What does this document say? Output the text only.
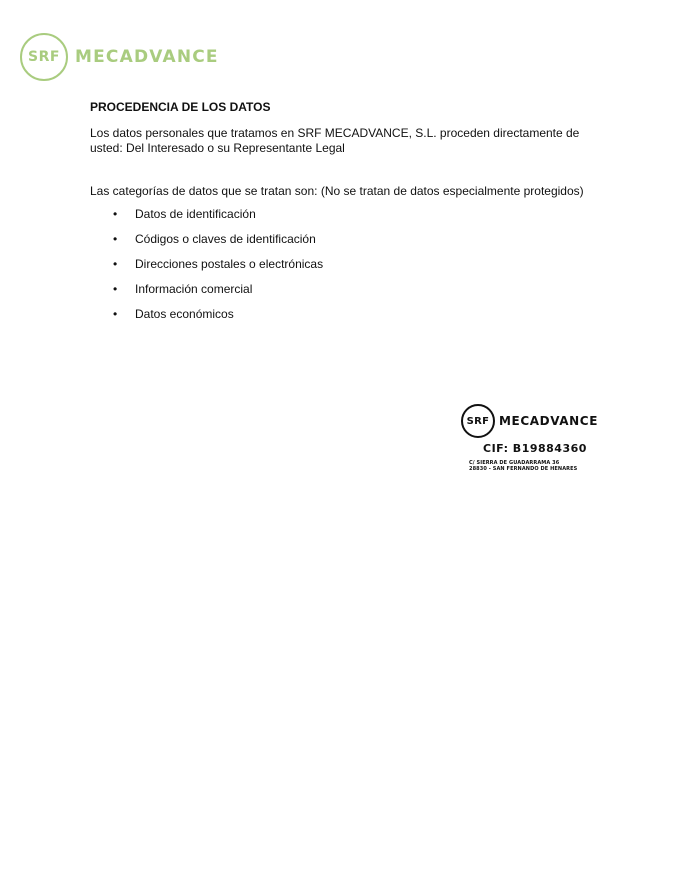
SRF MECADVANCE

PROCEDENCIA DE LOS DATOS

Los datos personales que tratamos en SRF MECADVANCE, S.L. proceden directamente de
usted: Del Interesado o su Representante Legal

Las categorías de datos que se tratan son: (No se tratan de datos especialmente protegidos)

•	Datos de identificación
•	Códigos o claves de identificación
•	Direcciones postales o electrónicas
•	Información comercial
•	Datos económicos
SRF MECADVANCE
CIF: B19884360
C/ SIERRA DE GUADARRAMA 36
28830 - SAN FERNANDO DE HENARES
